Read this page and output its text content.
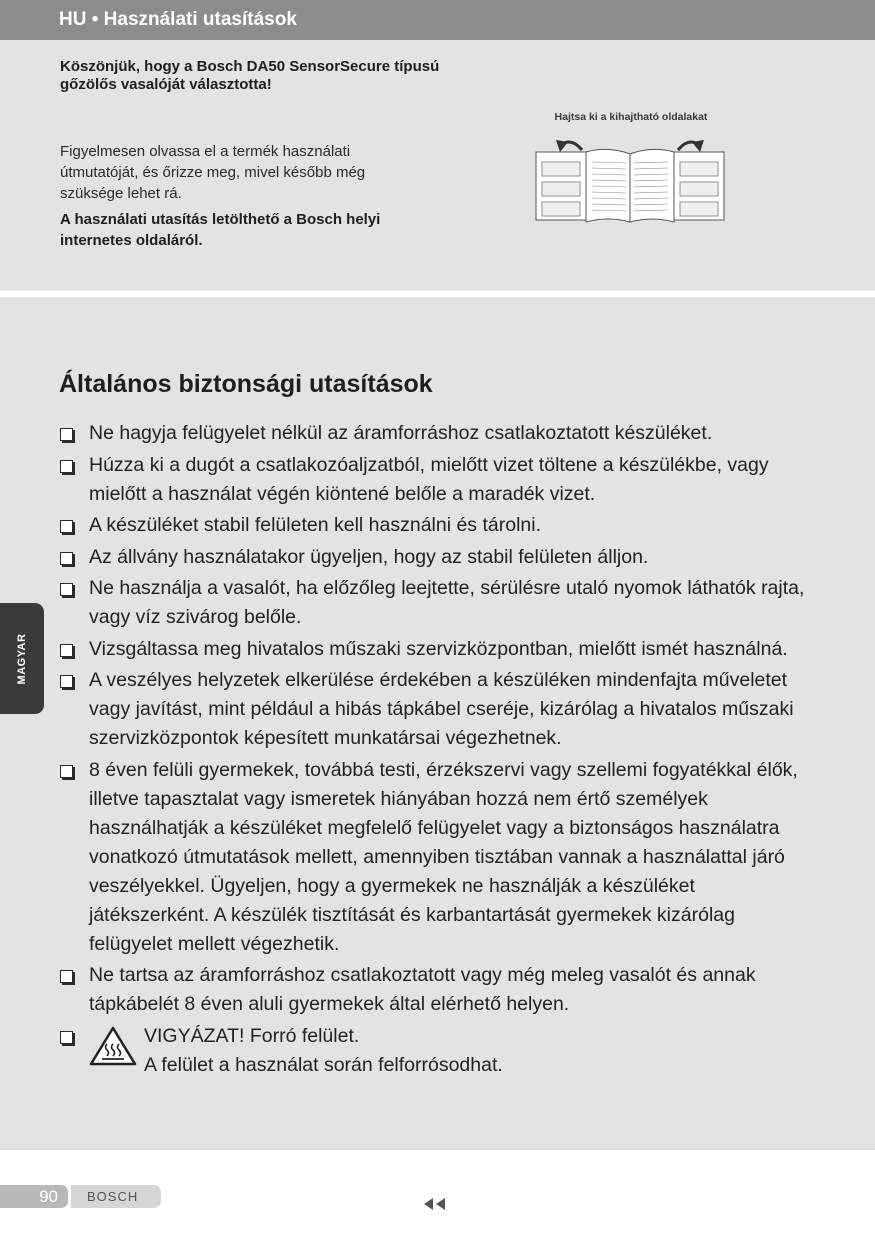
HU • Használati utasítások
Köszönjük, hogy a Bosch DA50 SensorSecure típusú gőzölős vasalóját választotta!
Figyelmesen olvassa el a termék használati útmutatóját, és őrizze meg, mivel később még szüksége lehet rá.
A használati utasítás letölthető a Bosch helyi internetes oldaláról.
Hajtsa ki a kihajtható oldalakat
Általános biztonsági utasítások
Ne hagyja felügyelet nélkül az áramforráshoz csatlakoztatott készüléket.
Húzza ki a dugót a csatlakozóaljzatból, mielőtt vizet töltene a készülékbe, vagy mielőtt a használat végén kiöntené belőle a maradék vizet.
A készüléket stabil felületen kell használni és tárolni.
Az állvány használatakor ügyeljen, hogy az stabil felületen álljon.
Ne használja a vasalót, ha előzőleg leejtette, sérülésre utaló nyomok láthatók rajta, vagy víz szivárog belőle.
Vizsgáltassa meg hivatalos műszaki szervizközpontban, mielőtt ismét használná.
A veszélyes helyzetek elkerülése érdekében a készüléken mindenfajta műveletet vagy javítást, mint például a hibás tápkábel cseréje, kizárólag a hivatalos műszaki szervizközpontok képesített munkatársai végezhetnek.
8 éven felüli gyermekek, továbbá testi, érzékszervi vagy szellemi fogyatékkal élők, illetve tapasztalat vagy ismeretek hiányában hozzá nem értő személyek használhatják a készüléket megfelelő felügyelet vagy a biztonságos használatra vonatkozó útmutatások mellett, amennyiben tisztában vannak a használattal járó veszélyekkel. Ügyeljen, hogy a gyermekek ne használják a készüléket játékszerként. A készülék tisztítását és karbantartását gyermekek kizárólag felügyelet mellett végezhetik.
Ne tartsa az áramforráshoz csatlakoztatott vagy még meleg vasalót és annak tápkábelét 8 éven aluli gyermekek által elérhető helyen.
VIGYÁZAT! Forró felület.
A felület a használat során felforrósodhat.
MAGYAR
90	BOSCH
